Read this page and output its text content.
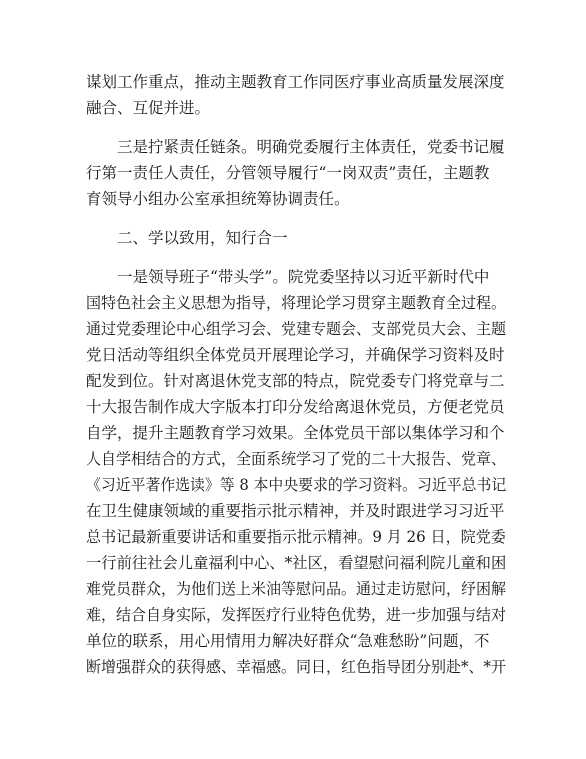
谋划工作重点，推动主题教育工作同医疗事业高质量发展深度
融合、互促并进。
　　三是拧紧责任链条。明确党委履行主体责任，党委书记履
行第一责任人责任，分管领导履行“一岗双责”责任，主题教
育领导小组办公室承担统筹协调责任。
　　二、学以致用，知行合一
　　一是领导班子“带头学”。院党委坚持以习近平新时代中
国特色社会主义思想为指导，将理论学习贯穿主题教育全过程。
通过党委理论中心组学习会、党建专题会、支部党员大会、主题
党日活动等组织全体党员开展理论学习，并确保学习资料及时
配发到位。针对离退休党支部的特点，院党委专门将党章与二
十大报告制作成大字版本打印分发给离退休党员，方便老党员
自学，提升主题教育学习效果。全体党员干部以集体学习和个
人自学相结合的方式，全面系统学习了党的二十大报告、党章、
《习近平著作选读》等 8 本中央要求的学习资料。习近平总书记
在卫生健康领域的重要指示批示精神，并及时跟进学习习近平
总书记最新重要讲话和重要指示批示精神。9 月 26 日，院党委
一行前往社会儿童福利中心、*社区，看望慰问福利院儿童和困
难党员群众，为他们送上米油等慰问品。通过走访慰问，纾困解
难，结合自身实际，发挥医疗行业特色优势，进一步加强与结对
单位的联系，用心用情用力解决好群众“急难愁盼”问题，不
断增强群众的获得感、幸福感。同日，红色指导团分别赴*、*开
